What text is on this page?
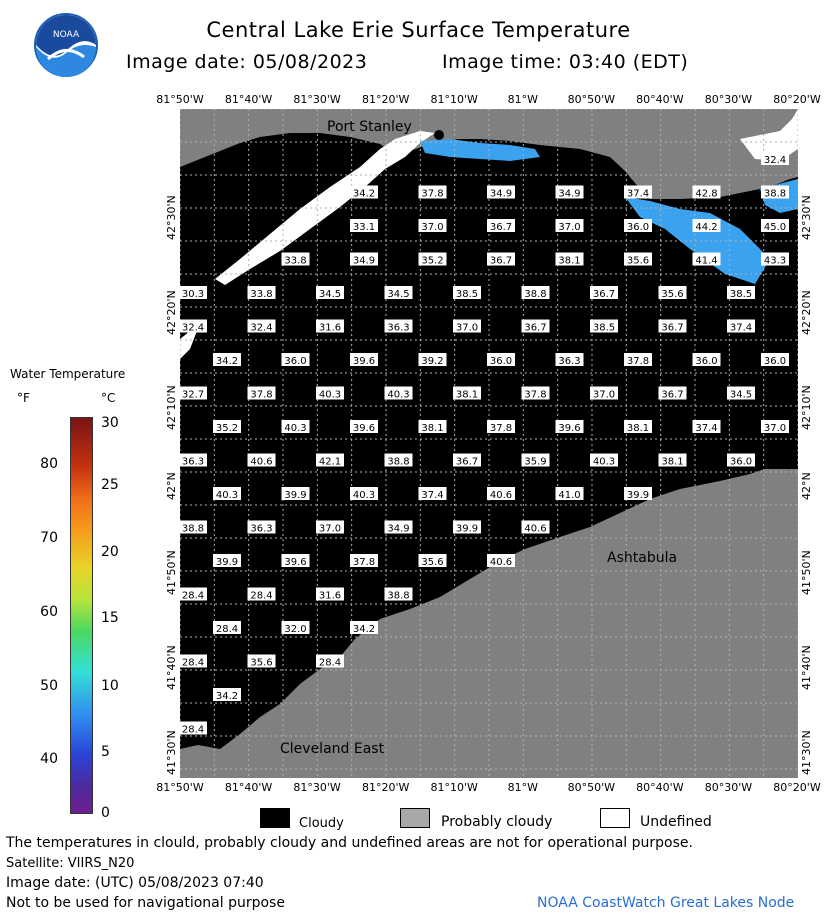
NOAA	Central Lake Erie Surface Temperature
Image date: 05/08/2023	Image time: 03:40 (EDT)
81°50'W 81°40'W 81°30'W 81°20'W 81°10'W	81°W	80°50'W 80°40'W 80°30'W 80°20'W
81°50'W 81°40'W 81°30'W 81°20'W 81°10'W	81°W	80°50'W 80°40'W 80°30'W 80°20'W
42°30'N
42°20'N
42°10'N
42°N
41°50'N
41°40'N
41°30'N
42°30'N
42°20'N
42°10'N
42°N
41°50'N
41°40'N
41°30'N
32.4
34.2	37.8	34.9	34.9	37.4	42.8	38.8
33.1	37.0	36.7	37.0	36.0	44.2	45.0
33.8	34.9	35.2	36.7	38.1	35.6	41.4	43.3
30.3	33.8	34.5	34.5	38.5	38.8	36.7	35.6	38.5
32.4	32.4	31.6	36.3	37.0	36.7	38.5	36.7	37.4
34.2	36.0	39.6	39.2	36.0	36.3	37.8	36.0	36.0
32.7	37.8	40.3	40.3	38.1	37.8	37.0	36.7	34.5
35.2	40.3	39.6	38.1	37.8	39.6	38.1	37.4	37.0
36.3	40.6	42.1	38.8	36.7	35.9	40.3	38.1	36.0
40.3	39.9	40.3	37.4	40.6	41.0	39.9
38.8	36.3	37.0	34.9	39.9	40.6
39.9	39.6	37.8	35.6	40.6
28.4	28.4	31.6	38.8
28.4	32.0	34.2
28.4	35.6	28.4
34.2
28.4
Port Stanley
Ashtabula
Cleveland East
Water Temperature
°F	°C
80
70
60
50
40
30
25
20
15
10
5
0
Cloudy	Probably cloudy	Undefined
The temperatures in clould, probably cloudy and undefined areas are not for operational purpose.
Satellite: VIIRS_N20
Image date: (UTC) 05/08/2023 07:40
Not to be used for navigational purpose	NOAA CoastWatch Great Lakes Node
